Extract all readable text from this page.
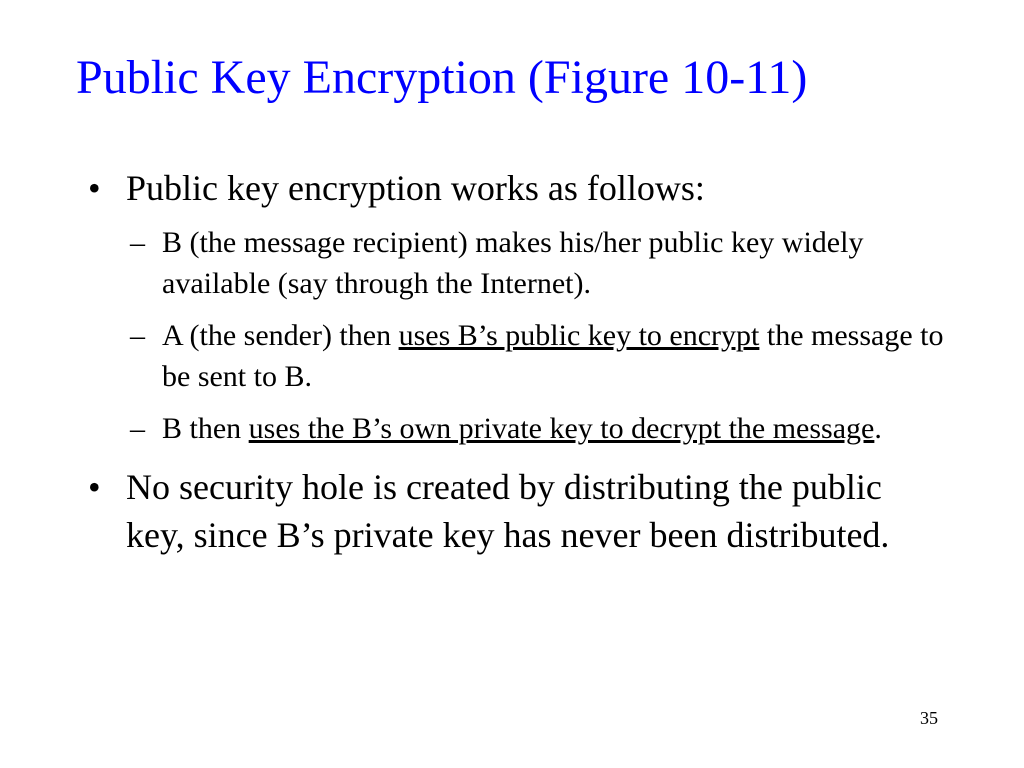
Public Key Encryption (Figure 10-11)
• Public key encryption works as follows:
– B (the message recipient) makes his/her public key widely available (say through the Internet).
– A (the sender) then uses B’s public key to encrypt the message to be sent to B.
– B then uses the B’s own private key to decrypt the message.
• No security hole is created by distributing the public key, since B’s private key has never been distributed.
35
